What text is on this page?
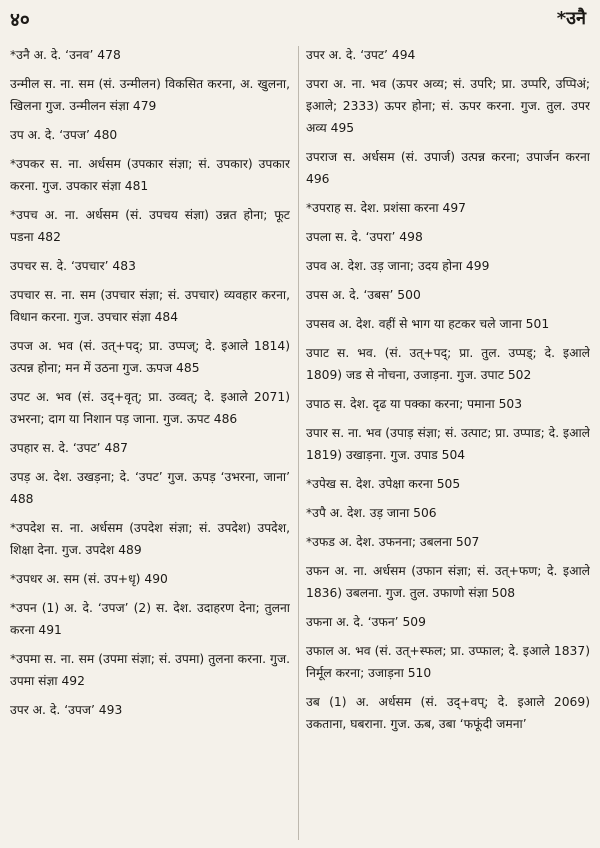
४०	*उनै

*उनै अ. दे. ‘उनव’ 478

उन्मील स. ना. सम (सं. उन्मीलन) विकसित करना, अ. खुलना, खिलना गुज. उन्मीलन संज्ञा 479

उप अ. दे. ‘उपज’ 480

*उपकर स. ना. अर्धसम (उपकार संज्ञा; सं. उपकार) उपकार करना. गुज. उपकार संज्ञा 481

*उपच अ. ना. अर्धसम (सं. उपचय संज्ञा) उन्नत होना; फूट पडना 482

उपचर स. दे. ‘उपचार’ 483

उपचार स. ना. सम (उपचार संज्ञा; सं. उपचार) व्यवहार करना, विधान करना. गुज. उपचार संज्ञा 484

उपज अ. भव (सं. उत्+पद्; प्रा. उप्पज्; दे. इआले 1814) उत्पन्न होना; मन में उठना गुज. ऊपज 485

उपट अ. भव (सं. उद्+वृत्; प्रा. उव्वत्; दे. इआले 2071) उभरना; दाग या निशान पड़ जाना. गुज. ऊपट 486

उपहार स. दे. ‘उपट’ 487

उपड़ अ. देश. उखड़ना; दे. ‘उपट’ गुज. ऊपड़ ‘उभरना, जाना’ 488

*उपदेश स. ना. अर्धसम (उपदेश संज्ञा; सं. उपदेश) उपदेश, शिक्षा देना. गुज. उपदेश 489

*उपधर अ. सम (सं. उप+धृ) 490

*उपन (1) अ. दे. ‘उपज’ (2) स. देश. उदाहरण देना; तुलना करना 491

*उपमा स. ना. सम (उपमा संज्ञा; सं. उपमा) तुलना करना. गुज. उपमा संज्ञा 492

उपर अ. दे. ‘उपज’ 493

उपर अ. दे. ‘उपट’ 494

उपरा अ. ना. भव (ऊपर अव्य; सं. उपरि; प्रा. उप्परि, उप्पिअं; इआले; 2333) ऊपर होना; सं. ऊपर करना. गुज. तुल. उपर अव्य 495

उपराज स. अर्धसम (सं. उपार्ज) उत्पन्न करना; उपार्जन करना 496

*उपराह स. देश. प्रशंसा करना 497

उपला स. दे. ‘उपरा’ 498

उपव अ. देश. उड़ जाना; उदय होना 499

उपस अ. दे. ‘उबस’ 500

उपसव अ. देश. वहीं से भाग या हटकर चले जाना 501

उपाट स. भव. (सं. उत्+पद्; प्रा. तुल. उप्पड्; दे. इआले 1809) जड से नोचना, उजाड़ना. गुज. उपाट 502

उपाठ स. देश. दृढ या पक्का करना; पमाना 503

उपार स. ना. भव (उपाड़ संज्ञा; सं. उत्पाट; प्रा. उप्पाड; दे. इआले 1819) उखाड़ना. गुज. उपाड 504

*उपेख स. देश. उपेक्षा करना 505

*उपै अ. देश. उड़ जाना 506

*उफड अ. देश. उफनना; उबलना 507

उफन अ. ना. अर्धसम (उफान संज्ञा; सं. उत्+फण; दे. इआले 1836) उबलना. गुज. तुल. उफाणो संज्ञा 508

उफना अ. दे. ‘उफन’ 509

उफाल अ. भव (सं. उत्+स्फल; प्रा. उप्फाल; दे. इआले 1837) निर्मूल करना; उजाड़ना 510

उब (1) अ. अर्धसम (सं. उद्+वप्; दे. इआले 2069) उकताना, घबराना. गुज. ऊब, उबा ‘फफूंदी जमना’
